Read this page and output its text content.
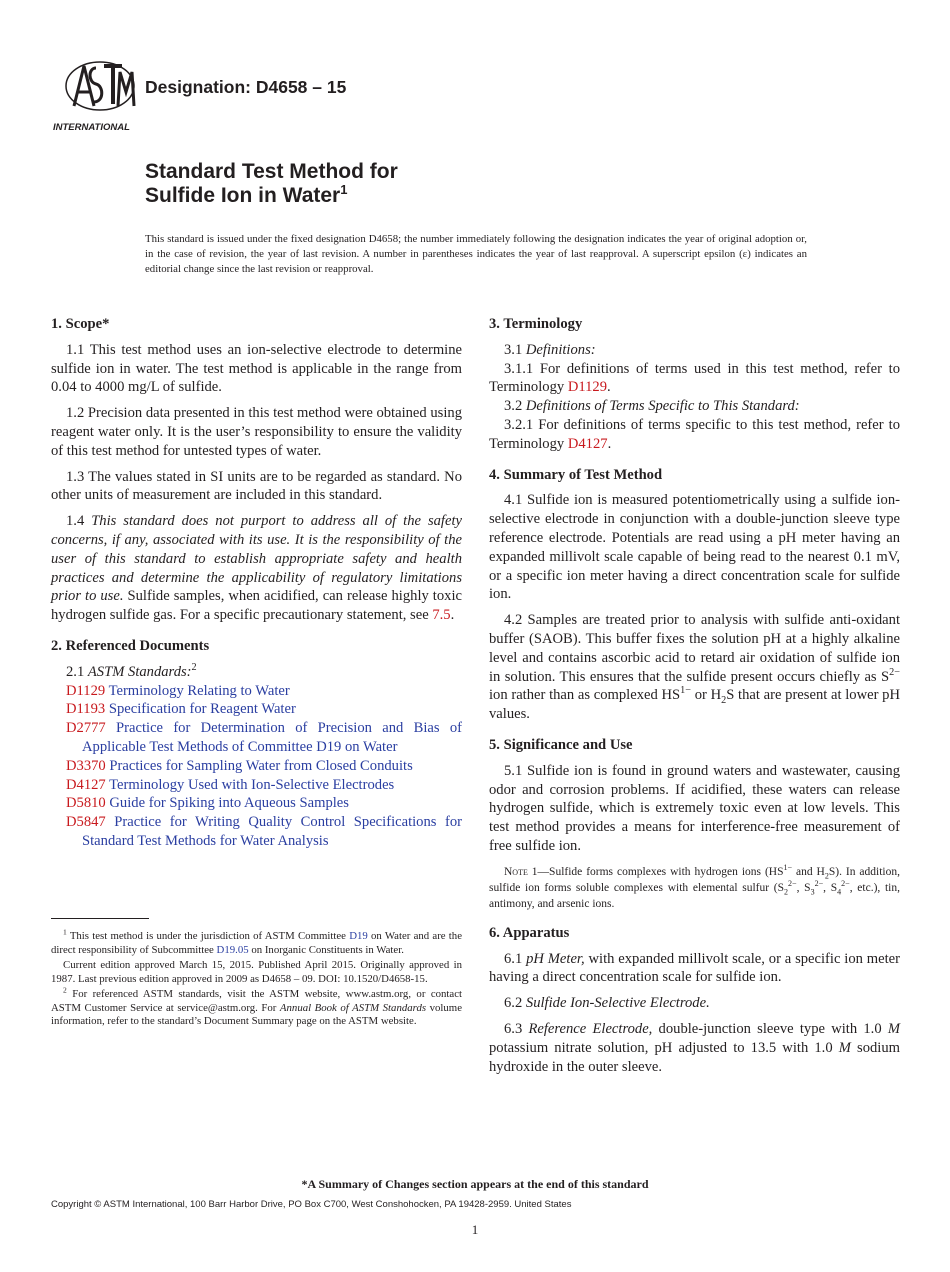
INTERNATIONAL
Designation: D4658 – 15
Standard Test Method for
Sulfide Ion in Water$^1$
This standard is issued under the fixed designation D4658; the number immediately following the designation indicates the year of original adoption or, in the case of revision, the year of last revision. A number in parentheses indicates the year of last reapproval. A superscript epsilon (ε) indicates an editorial change since the last revision or reapproval.
1. Scope*

1.1 This test method uses an ion-selective electrode to determine sulfide ion in water. The test method is applicable in the range from 0.04 to 4000 mg/L of sulfide.

1.2 Precision data presented in this test method were obtained using reagent water only. It is the user’s responsibility to ensure the validity of this test method for untested types of water.

1.3 The values stated in SI units are to be regarded as standard. No other units of measurement are included in this standard.

1.4 This standard does not purport to address all of the safety concerns, if any, associated with its use. It is the responsibility of the user of this standard to establish appropriate safety and health practices and determine the applicability of regulatory limitations prior to use. Sulfide samples, when acidified, can release highly toxic hydrogen sulfide gas. For a specific precautionary statement, see 7.5.

2. Referenced Documents

2.1 ASTM Standards:$^2$

D1129 Terminology Relating to Water
D1193 Specification for Reagent Water
D2777 Practice for Determination of Precision and Bias of Applicable Test Methods of Committee D19 on Water
D3370 Practices for Sampling Water from Closed Conduits
D4127 Terminology Used with Ion-Selective Electrodes
D5810 Guide for Spiking into Aqueous Samples
D5847 Practice for Writing Quality Control Specifications for Standard Test Methods for Water Analysis

$^1$ This test method is under the jurisdiction of ASTM Committee D19 on Water and are the direct responsibility of Subcommittee D19.05 on Inorganic Constituents in Water.

Current edition approved March 15, 2015. Published April 2015. Originally approved in 1987. Last previous edition approved in 2009 as D4658 – 09. DOI: 10.1520/D4658-15.

$^2$ For referenced ASTM standards, visit the ASTM website, www.astm.org, or contact ASTM Customer Service at service@astm.org. For Annual Book of ASTM Standards volume information, refer to the standard’s Document Summary page on the ASTM website.

3. Terminology

3.1 Definitions:

3.1.1 For definitions of terms used in this test method, refer to Terminology D1129.

3.2 Definitions of Terms Specific to This Standard:

3.2.1 For definitions of terms specific to this test method, refer to Terminology D4127.

4. Summary of Test Method

4.1 Sulfide ion is measured potentiometrically using a sulfide ion-selective electrode in conjunction with a double-junction sleeve type reference electrode. Potentials are read using a pH meter having an expanded millivolt scale capable of being read to the nearest 0.1 mV, or a specific ion meter having a direct concentration scale for sulfide ion.

4.2 Samples are treated prior to analysis with sulfide anti-oxidant buffer (SAOB). This buffer fixes the solution pH at a highly alkaline level and contains ascorbic acid to retard air oxidation of sulfide ion in solution. This ensures that the sulfide present occurs chiefly as $S^{2-}$ ion rather than as complexed $HS^{1-}$ or $H_2S$ that are present at lower pH values.

5. Significance and Use

5.1 Sulfide ion is found in ground waters and wastewater, causing odor and corrosion problems. If acidified, these waters can release hydrogen sulfide, which is extremely toxic even at low levels. This test method provides a means for interference-free measurement of free sulfide ion.

Note 1—Sulfide forms complexes with hydrogen ions ($HS^{1-}$ and $H_2S$). In addition, sulfide ion forms soluble complexes with elemental sulfur ($S_2^{2-}$, $S_3^{2-}$, $S_4^{2-}$, etc.), tin, antimony, and arsenic ions.
6. Apparatus

6.1 pH Meter, with expanded millivolt scale, or a specific ion meter having a direct concentration scale for sulfide ion.

6.2 Sulfide Ion-Selective Electrode.

6.3 Reference Electrode, double-junction sleeve type with 1.0 M potassium nitrate solution, pH adjusted to 13.5 with 1.0 M sodium hydroxide in the outer sleeve.

*A Summary of Changes section appears at the end of this standard
Copyright © ASTM International, 100 Barr Harbor Drive, PO Box C700, West Conshohocken, PA 19428-2959. United States
1
